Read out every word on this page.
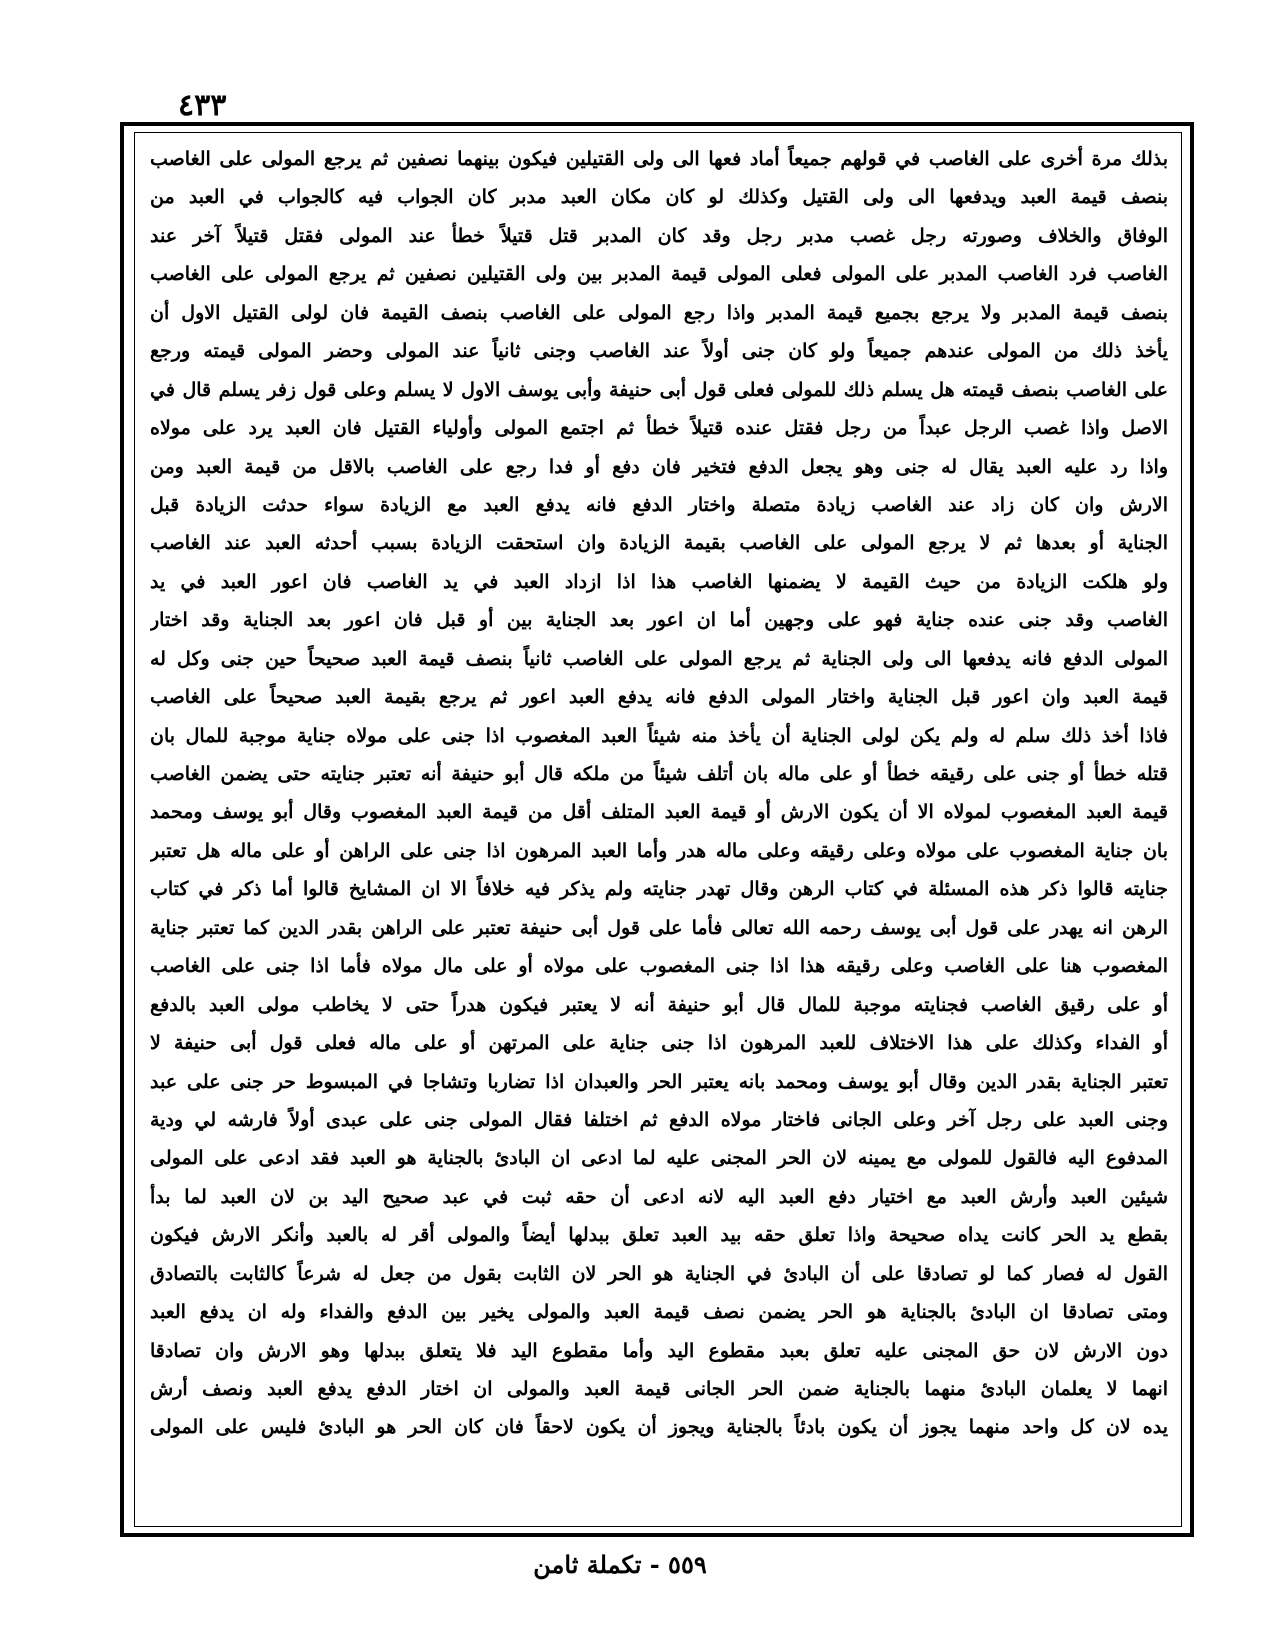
٤٣٣
بذلك مرة أخرى على الغاصب في قولهم جميعاً أماد فعها الى ولى القتيلين فيكون بينهما نصفين ثم يرجع المولى على الغاصب
بنصف قيمة العبد ويدفعها الى ولى القتيل وكذلك لو كان مكان العبد مدبر كان الجواب فيه كالجواب في العبد من
الوفاق والخلاف وصورته رجل غصب مدبر رجل وقد كان المدبر قتل قتيلاً خطأ عند المولى فقتل قتيلاً آخر عند
الغاصب فرد الغاصب المدبر على المولى فعلى المولى قيمة المدبر بين ولى القتيلين نصفين ثم يرجع المولى على الغاصب
بنصف قيمة المدبر ولا يرجع بجميع قيمة المدبر واذا رجع المولى على الغاصب بنصف القيمة فان لولى القتيل الاول أن
يأخذ ذلك من المولى عندهم جميعاً ولو كان جنى أولاً عند الغاصب وجنى ثانياً عند المولى وحضر المولى قيمته ورجع
على الغاصب بنصف قيمته هل يسلم ذلك للمولى فعلى قول أبى حنيفة وأبى يوسف الاول لا يسلم وعلى قول زفر يسلم قال في
الاصل واذا غصب الرجل عبداً من رجل فقتل عنده قتيلاً خطأ ثم اجتمع المولى وأولياء القتيل فان العبد يرد على مولاه
واذا رد عليه العبد يقال له جنى وهو يجعل الدفع فتخير فان دفع أو فدا رجع على الغاصب بالاقل من قيمة العبد ومن
الارش وان كان زاد عند الغاصب زيادة متصلة واختار الدفع فانه يدفع العبد مع الزيادة سواء حدثت الزيادة قبل
الجناية أو بعدها ثم لا يرجع المولى على الغاصب بقيمة الزيادة وان استحقت الزيادة بسبب أحدثه العبد عند الغاصب
ولو هلكت الزيادة من حيث القيمة لا يضمنها الغاصب هذا اذا ازداد العبد في يد الغاصب فان اعور العبد في يد
الغاصب وقد جنى عنده جناية فهو على وجهين أما ان اعور بعد الجناية بين أو قبل فان اعور بعد الجناية وقد اختار
المولى الدفع فانه يدفعها الى ولى الجناية ثم يرجع المولى على الغاصب ثانياً بنصف قيمة العبد صحيحاً حين جنى وكل له
قيمة العبد وان اعور قبل الجناية واختار المولى الدفع فانه يدفع العبد اعور ثم يرجع بقيمة العبد صحيحاً على الغاصب
فاذا أخذ ذلك سلم له ولم يكن لولى الجناية أن يأخذ منه شيئاً العبد المغصوب اذا جنى على مولاه جناية موجبة للمال بان
قتله خطأ أو جنى على رقيقه خطأ أو على ماله بان أتلف شيئاً من ملكه قال أبو حنيفة أنه تعتبر جنايته حتى يضمن الغاصب
قيمة العبد المغصوب لمولاه الا أن يكون الارش أو قيمة العبد المتلف أقل من قيمة العبد المغصوب وقال أبو يوسف ومحمد
بان جناية المغصوب على مولاه وعلى رقيقه وعلى ماله هدر وأما العبد المرهون اذا جنى على الراهن أو على ماله هل تعتبر
جنايته قالوا ذكر هذه المسئلة في كتاب الرهن وقال تهدر جنايته ولم يذكر فيه خلافاً الا ان المشايخ قالوا أما ذكر في كتاب
الرهن انه يهدر على قول أبى يوسف رحمه الله تعالى فأما على قول أبى حنيفة تعتبر على الراهن بقدر الدين كما تعتبر جناية
المغصوب هنا على الغاصب وعلى رقيقه هذا اذا جنى المغصوب على مولاه أو على مال مولاه فأما اذا جنى على الغاصب
أو على رقيق الغاصب فجنايته موجبة للمال قال أبو حنيفة أنه لا يعتبر فيكون هدراً حتى لا يخاطب مولى العبد بالدفع
أو الفداء وكذلك على هذا الاختلاف للعبد المرهون اذا جنى جناية على المرتهن أو على ماله فعلى قول أبى حنيفة لا
تعتبر الجناية بقدر الدين وقال أبو يوسف ومحمد بانه يعتبر الحر والعبدان اذا تضاربا وتشاجا في المبسوط حر جنى على عبد
وجنى العبد على رجل آخر وعلى الجانى فاختار مولاه الدفع ثم اختلفا فقال المولى جنى على عبدى أولاً فارشه لي ودية
المدفوع اليه فالقول للمولى مع يمينه لان الحر المجنى عليه لما ادعى ان البادئ بالجناية هو العبد فقد ادعى على المولى
شيئين العبد وأرش العبد مع اختيار دفع العبد اليه لانه ادعى أن حقه ثبت في عبد صحيح اليد بن لان العبد لما بدأ
بقطع يد الحر كانت يداه صحيحة واذا تعلق حقه بيد العبد تعلق ببدلها أيضاً والمولى أقر له بالعبد وأنكر الارش فيكون
القول له فصار كما لو تصادقا على أن البادئ في الجناية هو الحر لان الثابت بقول من جعل له شرعاً كالثابت بالتصادق
ومتى تصادقا ان البادئ بالجناية هو الحر يضمن نصف قيمة العبد والمولى يخير بين الدفع والفداء وله ان يدفع العبد
دون الارش لان حق المجنى عليه تعلق بعبد مقطوع اليد وأما مقطوع اليد فلا يتعلق ببدلها وهو الارش وان تصادقا
انهما لا يعلمان البادئ منهما بالجناية ضمن الحر الجانى قيمة العبد والمولى ان اختار الدفع يدفع العبد ونصف أرش
يده لان كل واحد منهما يجوز أن يكون بادئاً بالجناية ويجوز أن يكون لاحقاً فان كان الحر هو البادئ فليس على المولى
٥٥٩ - تكملة ثامن
